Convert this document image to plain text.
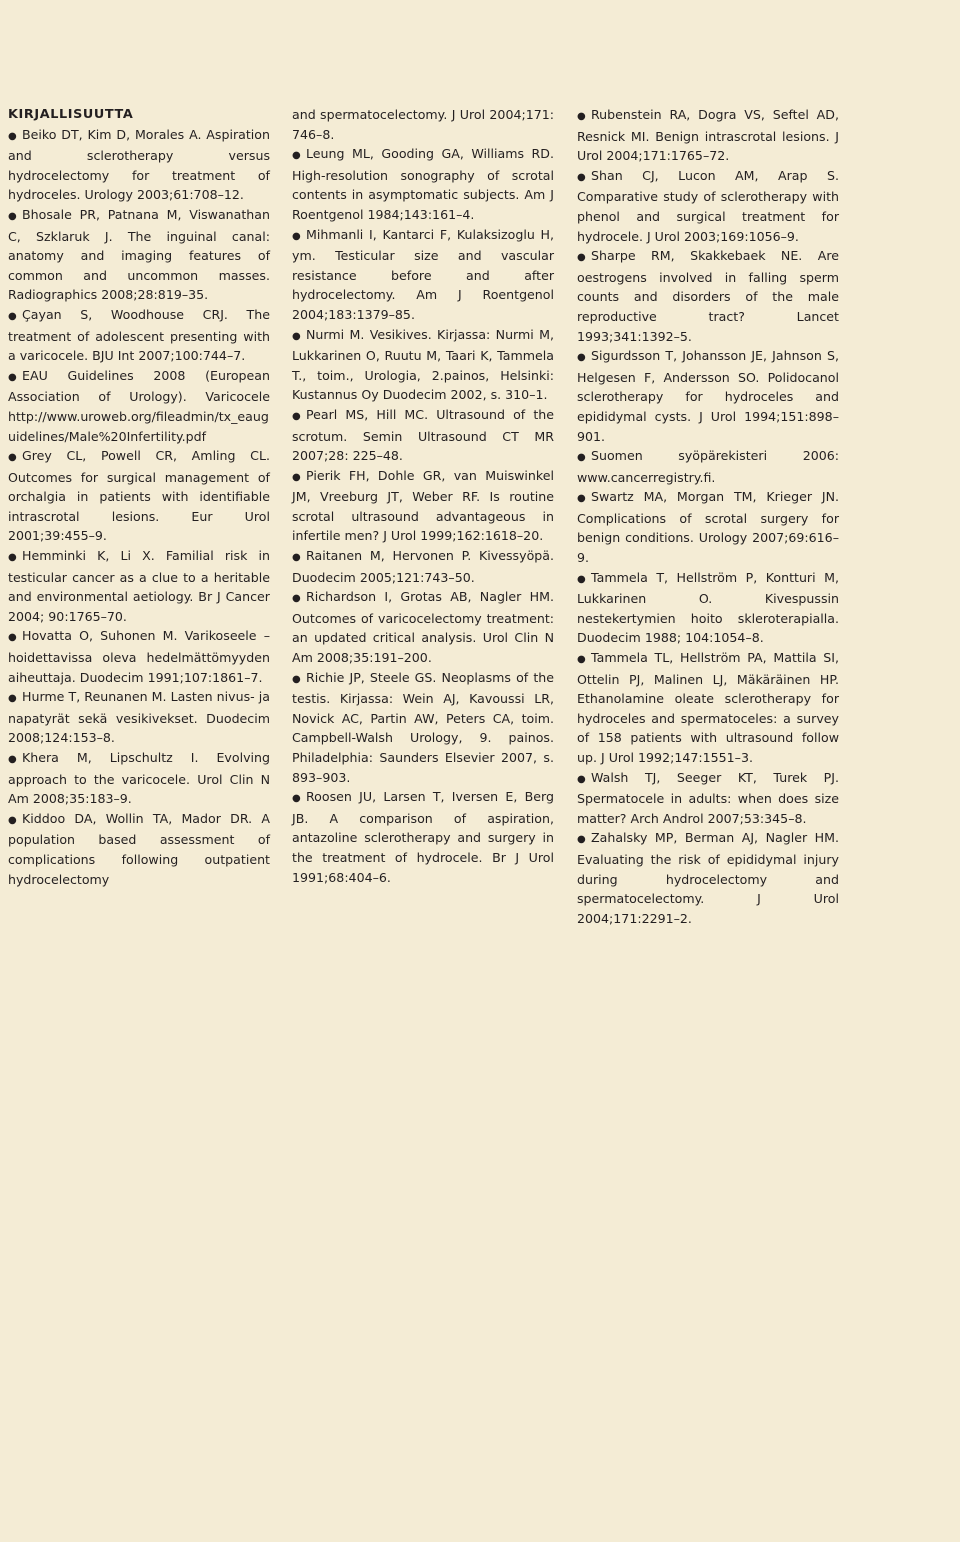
KIRJALLISUUTTA

● Beiko DT, Kim D, Morales A. Aspiration and sclerotherapy versus hydrocelectomy for treatment of hydroceles. Urology 2003;61:708–12.

● Bhosale PR, Patnana M, Viswanathan C, Szklaruk J. The inguinal canal: anatomy and imaging features of common and uncommon masses. Radiographics 2008;28:819–35.

● Çayan S, Woodhouse CRJ. The treatment of adolescent presenting with a varicocele. BJU Int 2007;100:744–7.

● EAU Guidelines 2008 (European Association of Urology). Varicocele http://www.uroweb.org/fileadmin/tx_eauguidelines/Male%20Infertility.pdf

● Grey CL, Powell CR, Amling CL. Outcomes for surgical management of orchalgia in patients with identifiable intrascrotal lesions. Eur Urol 2001;39:455–9.

● Hemminki K, Li X. Familial risk in testicular cancer as a clue to a heritable and environmental aetiology. Br J Cancer 2004; 90:1765–70.

● Hovatta O, Suhonen M. Varikoseele – hoidettavissa oleva hedelmättömyyden aiheuttaja. Duodecim 1991;107:1861–7.

● Hurme T, Reunanen M. Lasten nivus- ja napatyrät sekä vesikivekset. Duodecim 2008;124:153–8.

● Khera M, Lipschultz I. Evolving approach to the varicocele. Urol Clin N Am 2008;35:183–9.

● Kiddoo DA, Wollin TA, Mador DR. A population based assessment of complications following outpatient hydrocelectomy

and spermatocelectomy. J Urol 2004;171: 746–8.

● Leung ML, Gooding GA, Williams RD. High-resolution sonography of scrotal contents in asymptomatic subjects. Am J Roentgenol 1984;143:161–4.

● Mihmanli I, Kantarci F, Kulaksizoglu H, ym. Testicular size and vascular resistance before and after hydrocelectomy. Am J Roentgenol 2004;183:1379–85.

● Nurmi M. Vesikives. Kirjassa: Nurmi M, Lukkarinen O, Ruutu M, Taari K, Tammela T., toim., Urologia, 2.painos, Helsinki: Kustannus Oy Duodecim 2002, s. 310–1.

● Pearl MS, Hill MC. Ultrasound of the scrotum. Semin Ultrasound CT MR 2007;28: 225–48.

● Pierik FH, Dohle GR, van Muiswinkel JM, Vreeburg JT, Weber RF. Is routine scrotal ultrasound advantageous in infertile men? J Urol 1999;162:1618–20.

● Raitanen M, Hervonen P. Kivessyöpä. Duodecim 2005;121:743–50.

● Richardson I, Grotas AB, Nagler HM. Outcomes of varicocelectomy treatment: an updated critical analysis. Urol Clin N Am 2008;35:191–200.

● Richie JP, Steele GS. Neoplasms of the testis. Kirjassa: Wein AJ, Kavoussi LR, Novick AC, Partin AW, Peters CA, toim. Campbell-Walsh Urology, 9. painos. Philadelphia: Saunders Elsevier 2007, s. 893–903.

● Roosen JU, Larsen T, Iversen E, Berg JB. A comparison of aspiration, antazoline sclerotherapy and surgery in the treatment of hydrocele. Br J Urol 1991;68:404–6.

● Rubenstein RA, Dogra VS, Seftel AD, Resnick MI. Benign intrascrotal lesions. J Urol 2004;171:1765–72.

● Shan CJ, Lucon AM, Arap S. Comparative study of sclerotherapy with phenol and surgical treatment for hydrocele. J Urol 2003;169:1056–9.

● Sharpe RM, Skakkebaek NE. Are oestrogens involved in falling sperm counts and disorders of the male reproductive tract? Lancet 1993;341:1392–5.

● Sigurdsson T, Johansson JE, Jahnson S, Helgesen F, Andersson SO. Polidocanol sclerotherapy for hydroceles and epididymal cysts. J Urol 1994;151:898–901.

● Suomen syöpärekisteri 2006: www.cancerregistry.fi.

● Swartz MA, Morgan TM, Krieger JN. Complications of scrotal surgery for benign conditions. Urology 2007;69:616–9.

● Tammela T, Hellström P, Kontturi M, Lukkarinen O. Kivespussin nestekertymien hoito skleroterapialla. Duodecim 1988; 104:1054–8.

● Tammela TL, Hellström PA, Mattila SI, Ottelin PJ, Malinen LJ, Mäkäräinen HP. Ethanolamine oleate sclerotherapy for hydroceles and spermatoceles: a survey of 158 patients with ultrasound follow up. J Urol 1992;147:1551–3.

● Walsh TJ, Seeger KT, Turek PJ. Spermatocele in adults: when does size matter? Arch Androl 2007;53:345–8.

● Zahalsky MP, Berman AJ, Nagler HM. Evaluating the risk of epididymal injury during hydrocelectomy and spermatocelectomy. J Urol 2004;171:2291–2.
